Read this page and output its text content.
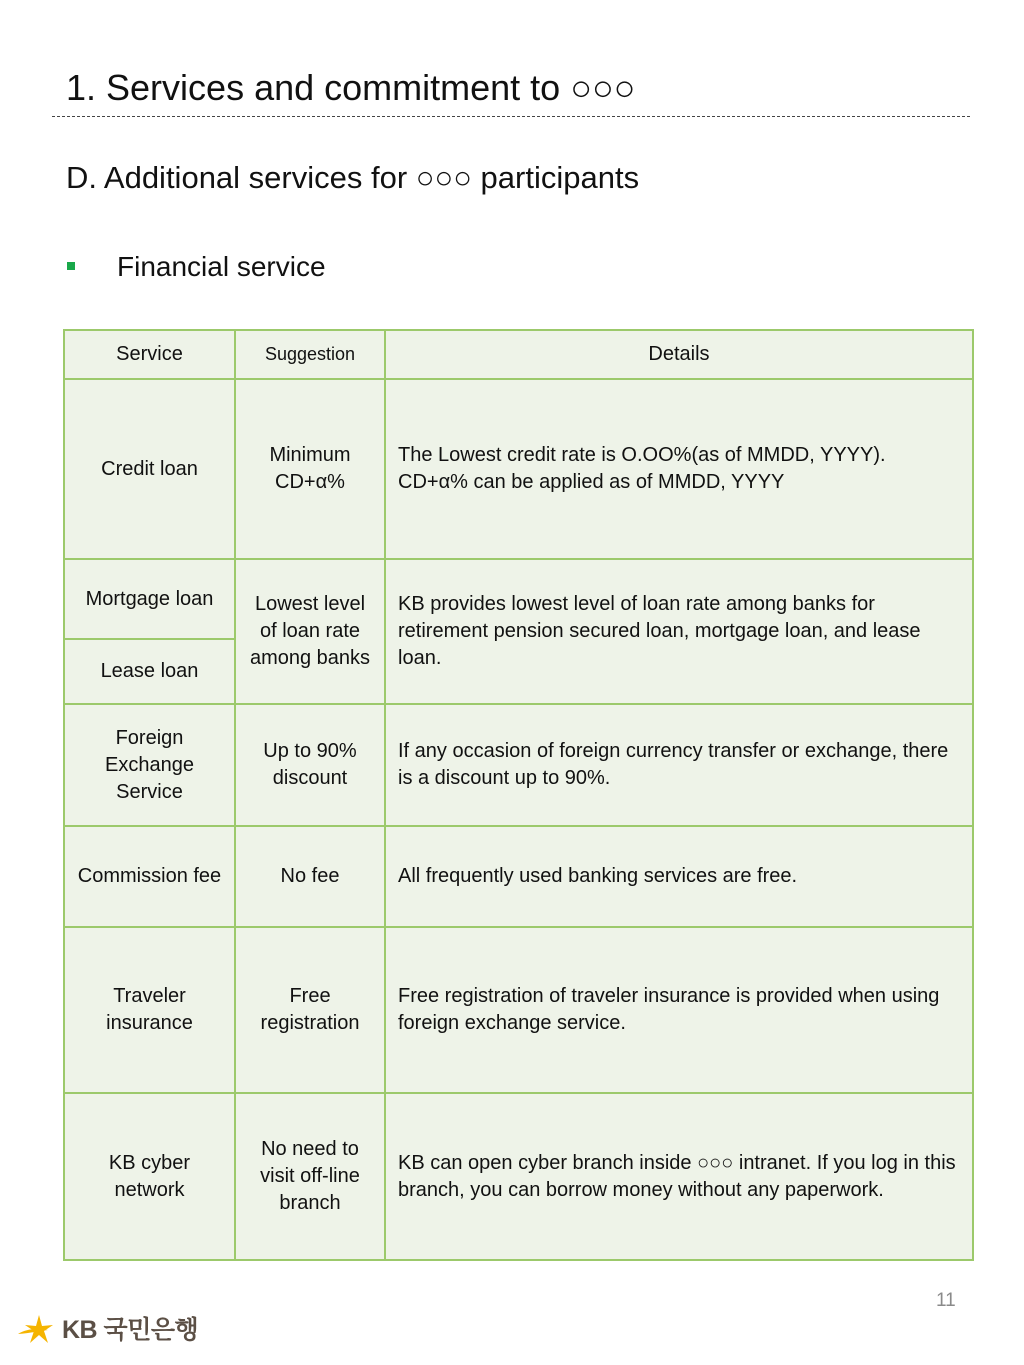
1. Services and commitment to ○○○
D. Additional services for ○○○ participants
Financial service
Service	Suggestion	Details
Credit loan	Minimum CD+α%	The Lowest credit rate is O.OO%(as of MMDD, YYYY). CD+α% can be applied as of MMDD, YYYY
Mortgage loan	Lowest level of loan rate among banks	KB provides lowest level of loan rate among banks for retirement pension secured loan, mortgage loan, and lease loan.
Lease loan		
Foreign Exchange Service	Up to 90% discount	If any occasion of foreign currency transfer or exchange, there is a discount up to 90%.
Commission fee	No fee	All frequently used banking services are free.
Traveler insurance	Free registration	Free registration of traveler insurance is provided when using foreign exchange service.
KB cyber network	No need to visit off-line branch	KB can open cyber branch inside ○○○ intranet. If you log in this branch, you can borrow money without any paperwork.
11
KB 국민은행
